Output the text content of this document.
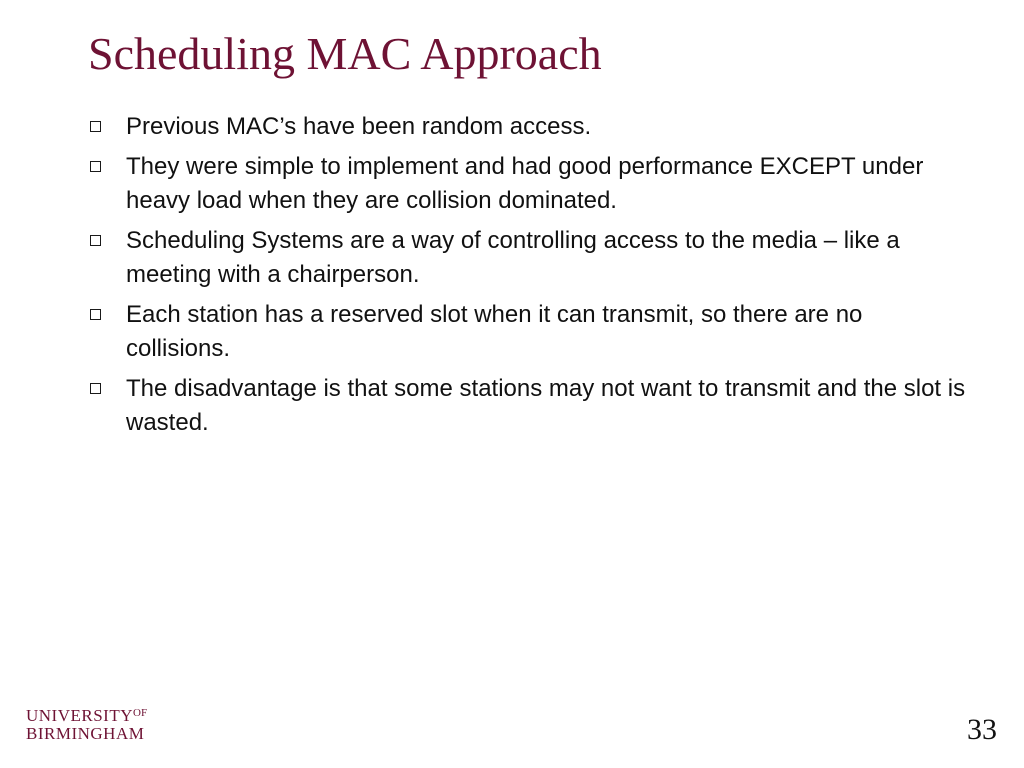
Scheduling MAC Approach
Previous MAC’s have been random access.
They were simple to implement and had good performance EXCEPT under heavy load when they are collision dominated.
Scheduling Systems are a way of controlling access to the media – like a meeting with a chairperson.
Each station has a reserved slot when it can transmit, so there are no collisions.
The disadvantage is that some stations may not want to transmit and the slot is wasted.
$UNIVERSITY^{OF}$
BIRMINGHAM	33
